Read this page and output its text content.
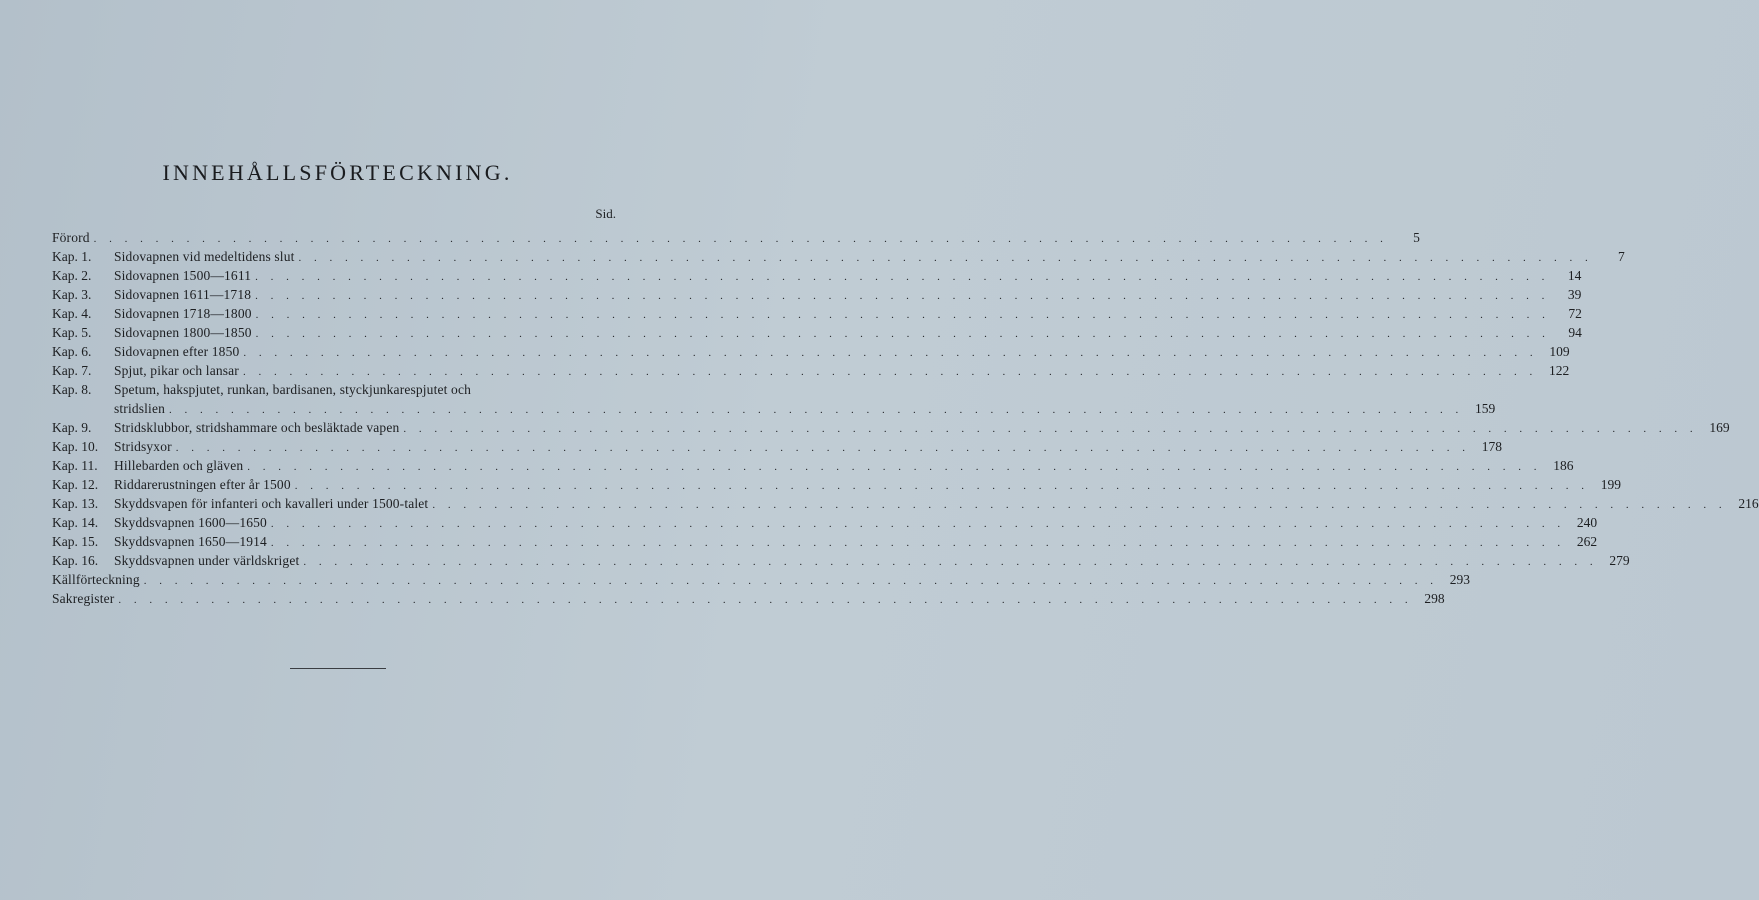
INNEHÅLLSFÖRTECKNING.
Sid.
Förord . . . . . . . . . . . . . . . . . . . . . . . . . . . . . . . . . . . . . . . . . . . . . . . . . . . . . . . . . . . . . . . . . . . . . . . . . . . . . . . . . . . .	5
Kap. 1.	Sidovapnen vid medeltidens slut . . . . . . . . . . . . . . . . . . . . . . . . . . . . . . . . . . . . . . . . . . . . . . . . . . . . . . . . . . . . . . . . . . . . . . . . . . . . . . . . . . . .	7
Kap. 2.	Sidovapnen 1500—1611 . . . . . . . . . . . . . . . . . . . . . . . . . . . . . . . . . . . . . . . . . . . . . . . . . . . . . . . . . . . . . . . . . . . . . . . . . . . . . . . . . . . .	14
Kap. 3.	Sidovapnen 1611—1718 . . . . . . . . . . . . . . . . . . . . . . . . . . . . . . . . . . . . . . . . . . . . . . . . . . . . . . . . . . . . . . . . . . . . . . . . . . . . . . . . . . . .	39
Kap. 4.	Sidovapnen 1718—1800 . . . . . . . . . . . . . . . . . . . . . . . . . . . . . . . . . . . . . . . . . . . . . . . . . . . . . . . . . . . . . . . . . . . . . . . . . . . . . . . . . . . .	72
Kap. 5.	Sidovapnen 1800—1850 . . . . . . . . . . . . . . . . . . . . . . . . . . . . . . . . . . . . . . . . . . . . . . . . . . . . . . . . . . . . . . . . . . . . . . . . . . . . . . . . . . . .	94
Kap. 6.	Sidovapnen efter 1850 . . . . . . . . . . . . . . . . . . . . . . . . . . . . . . . . . . . . . . . . . . . . . . . . . . . . . . . . . . . . . . . . . . . . . . . . . . . . . . . . . . . . 109
Kap. 7.	Spjut, pikar och lansar . . . . . . . . . . . . . . . . . . . . . . . . . . . . . . . . . . . . . . . . . . . . . . . . . . . . . . . . . . . . . . . . . . . . . . . . . . . . . . . . . . . . 122
Kap. 8.	Spetum, hakspjutet, runkan, bardisanen, styckjunkarespjutet och
stridslien . . . . . . . . . . . . . . . . . . . . . . . . . . . . . . . . . . . . . . . . . . . . . . . . . . . . . . . . . . . . . . . . . . . . . . . . . . . . . . . . . . . . 159
Kap. 9.	Stridsklubbor, stridshammare och besläktade vapen . . . . . . . . . . . . . . . . . . . . . . . . . . . . . . . . . . . . . . . . . . . . . . . . . . . . . . . . . . . . . . . . . . . . . . . . . . . . . . . . . . . . 169
Kap. 10.	Stridsyxor . . . . . . . . . . . . . . . . . . . . . . . . . . . . . . . . . . . . . . . . . . . . . . . . . . . . . . . . . . . . . . . . . . . . . . . . . . . . . . . . . . . . 178
Kap. 11.	Hillebarden och gläven . . . . . . . . . . . . . . . . . . . . . . . . . . . . . . . . . . . . . . . . . . . . . . . . . . . . . . . . . . . . . . . . . . . . . . . . . . . . . . . . . . . . 186
Kap. 12.	Riddarerustningen efter år 1500 . . . . . . . . . . . . . . . . . . . . . . . . . . . . . . . . . . . . . . . . . . . . . . . . . . . . . . . . . . . . . . . . . . . . . . . . . . . . . . . . . . . . 199
Kap. 13.	Skyddsvapen för infanteri och kavalleri under 1500-talet . . . . . . . . . . . . . . . . . . . . . . . . . . . . . . . . . . . . . . . . . . . . . . . . . . . . . . . . . . . . . . . . . . . . . . . . . . . . . . . . . . . . 216
Kap. 14.	Skyddsvapnen 1600—1650 . . . . . . . . . . . . . . . . . . . . . . . . . . . . . . . . . . . . . . . . . . . . . . . . . . . . . . . . . . . . . . . . . . . . . . . . . . . . . . . . . . . . 240
Kap. 15.	Skyddsvapnen 1650—1914 . . . . . . . . . . . . . . . . . . . . . . . . . . . . . . . . . . . . . . . . . . . . . . . . . . . . . . . . . . . . . . . . . . . . . . . . . . . . . . . . . . . . 262
Kap. 16.	Skyddsvapnen under världskriget . . . . . . . . . . . . . . . . . . . . . . . . . . . . . . . . . . . . . . . . . . . . . . . . . . . . . . . . . . . . . . . . . . . . . . . . . . . . . . . . . . . . 279
Källförteckning . . . . . . . . . . . . . . . . . . . . . . . . . . . . . . . . . . . . . . . . . . . . . . . . . . . . . . . . . . . . . . . . . . . . . . . . . . . . . . . . . . . . 293
Sakregister . . . . . . . . . . . . . . . . . . . . . . . . . . . . . . . . . . . . . . . . . . . . . . . . . . . . . . . . . . . . . . . . . . . . . . . . . . . . . . . . . . . . 298
